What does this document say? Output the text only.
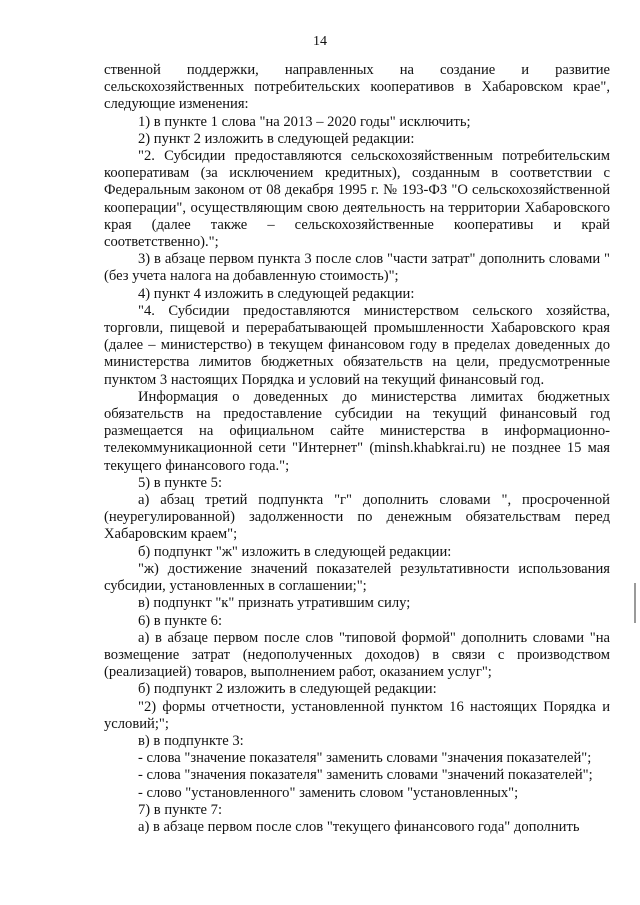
14

ственной поддержки, направленных на создание и развитие сельскохозяйственных потребительских кооперативов в Хабаровском крае", следующие изменения:

1) в пункте 1 слова "на 2013 – 2020 годы" исключить;

2) пункт 2 изложить в следующей редакции:

"2. Субсидии предоставляются сельскохозяйственным потребительским кооперативам (за исключением кредитных), созданным в соответствии с Федеральным законом от 08 декабря 1995 г. № 193-ФЗ "О сельскохозяйственной кооперации", осуществляющим свою деятельность на территории Хабаровского края (далее также – сельскохозяйственные кооперативы и край соответственно).";

3) в абзаце первом пункта 3 после слов "части затрат" дополнить словами "(без учета налога на добавленную стоимость)";

4) пункт 4 изложить в следующей редакции:

"4. Субсидии предоставляются министерством сельского хозяйства, торговли, пищевой и перерабатывающей промышленности Хабаровского края (далее – министерство) в текущем финансовом году в пределах доведенных до министерства лимитов бюджетных обязательств на цели, предусмотренные пунктом 3 настоящих Порядка и условий на текущий финансовый год.

Информация о доведенных до министерства лимитах бюджетных обязательств на предоставление субсидии на текущий финансовый год размещается на официальном сайте министерства в информационно-телекоммуникационной сети "Интернет" (minsh.khabkrai.ru) не позднее 15 мая текущего финансового года.";

5) в пункте 5:

а) абзац третий подпункта "г" дополнить словами ", просроченной (неурегулированной) задолженности по денежным обязательствам перед Хабаровским краем";

б) подпункт "ж" изложить в следующей редакции:

"ж) достижение значений показателей результативности использования субсидии, установленных в соглашении;";

в) подпункт "к" признать утратившим силу;

6) в пункте 6:

а) в абзаце первом после слов "типовой формой" дополнить словами "на возмещение затрат (недополученных доходов) в связи с производством (реализацией) товаров, выполнением работ, оказанием услуг";

б) подпункт 2 изложить в следующей редакции:

"2) формы отчетности, установленной пунктом 16 настоящих Порядка и условий;";

в) в подпункте 3:

- слова "значение показателя" заменить словами "значения показателей";

- слова "значения показателя" заменить словами "значений показателей";

- слово "установленного" заменить словом "установленных";

7) в пункте 7:

а) в абзаце первом после слов "текущего финансового года" дополнить
